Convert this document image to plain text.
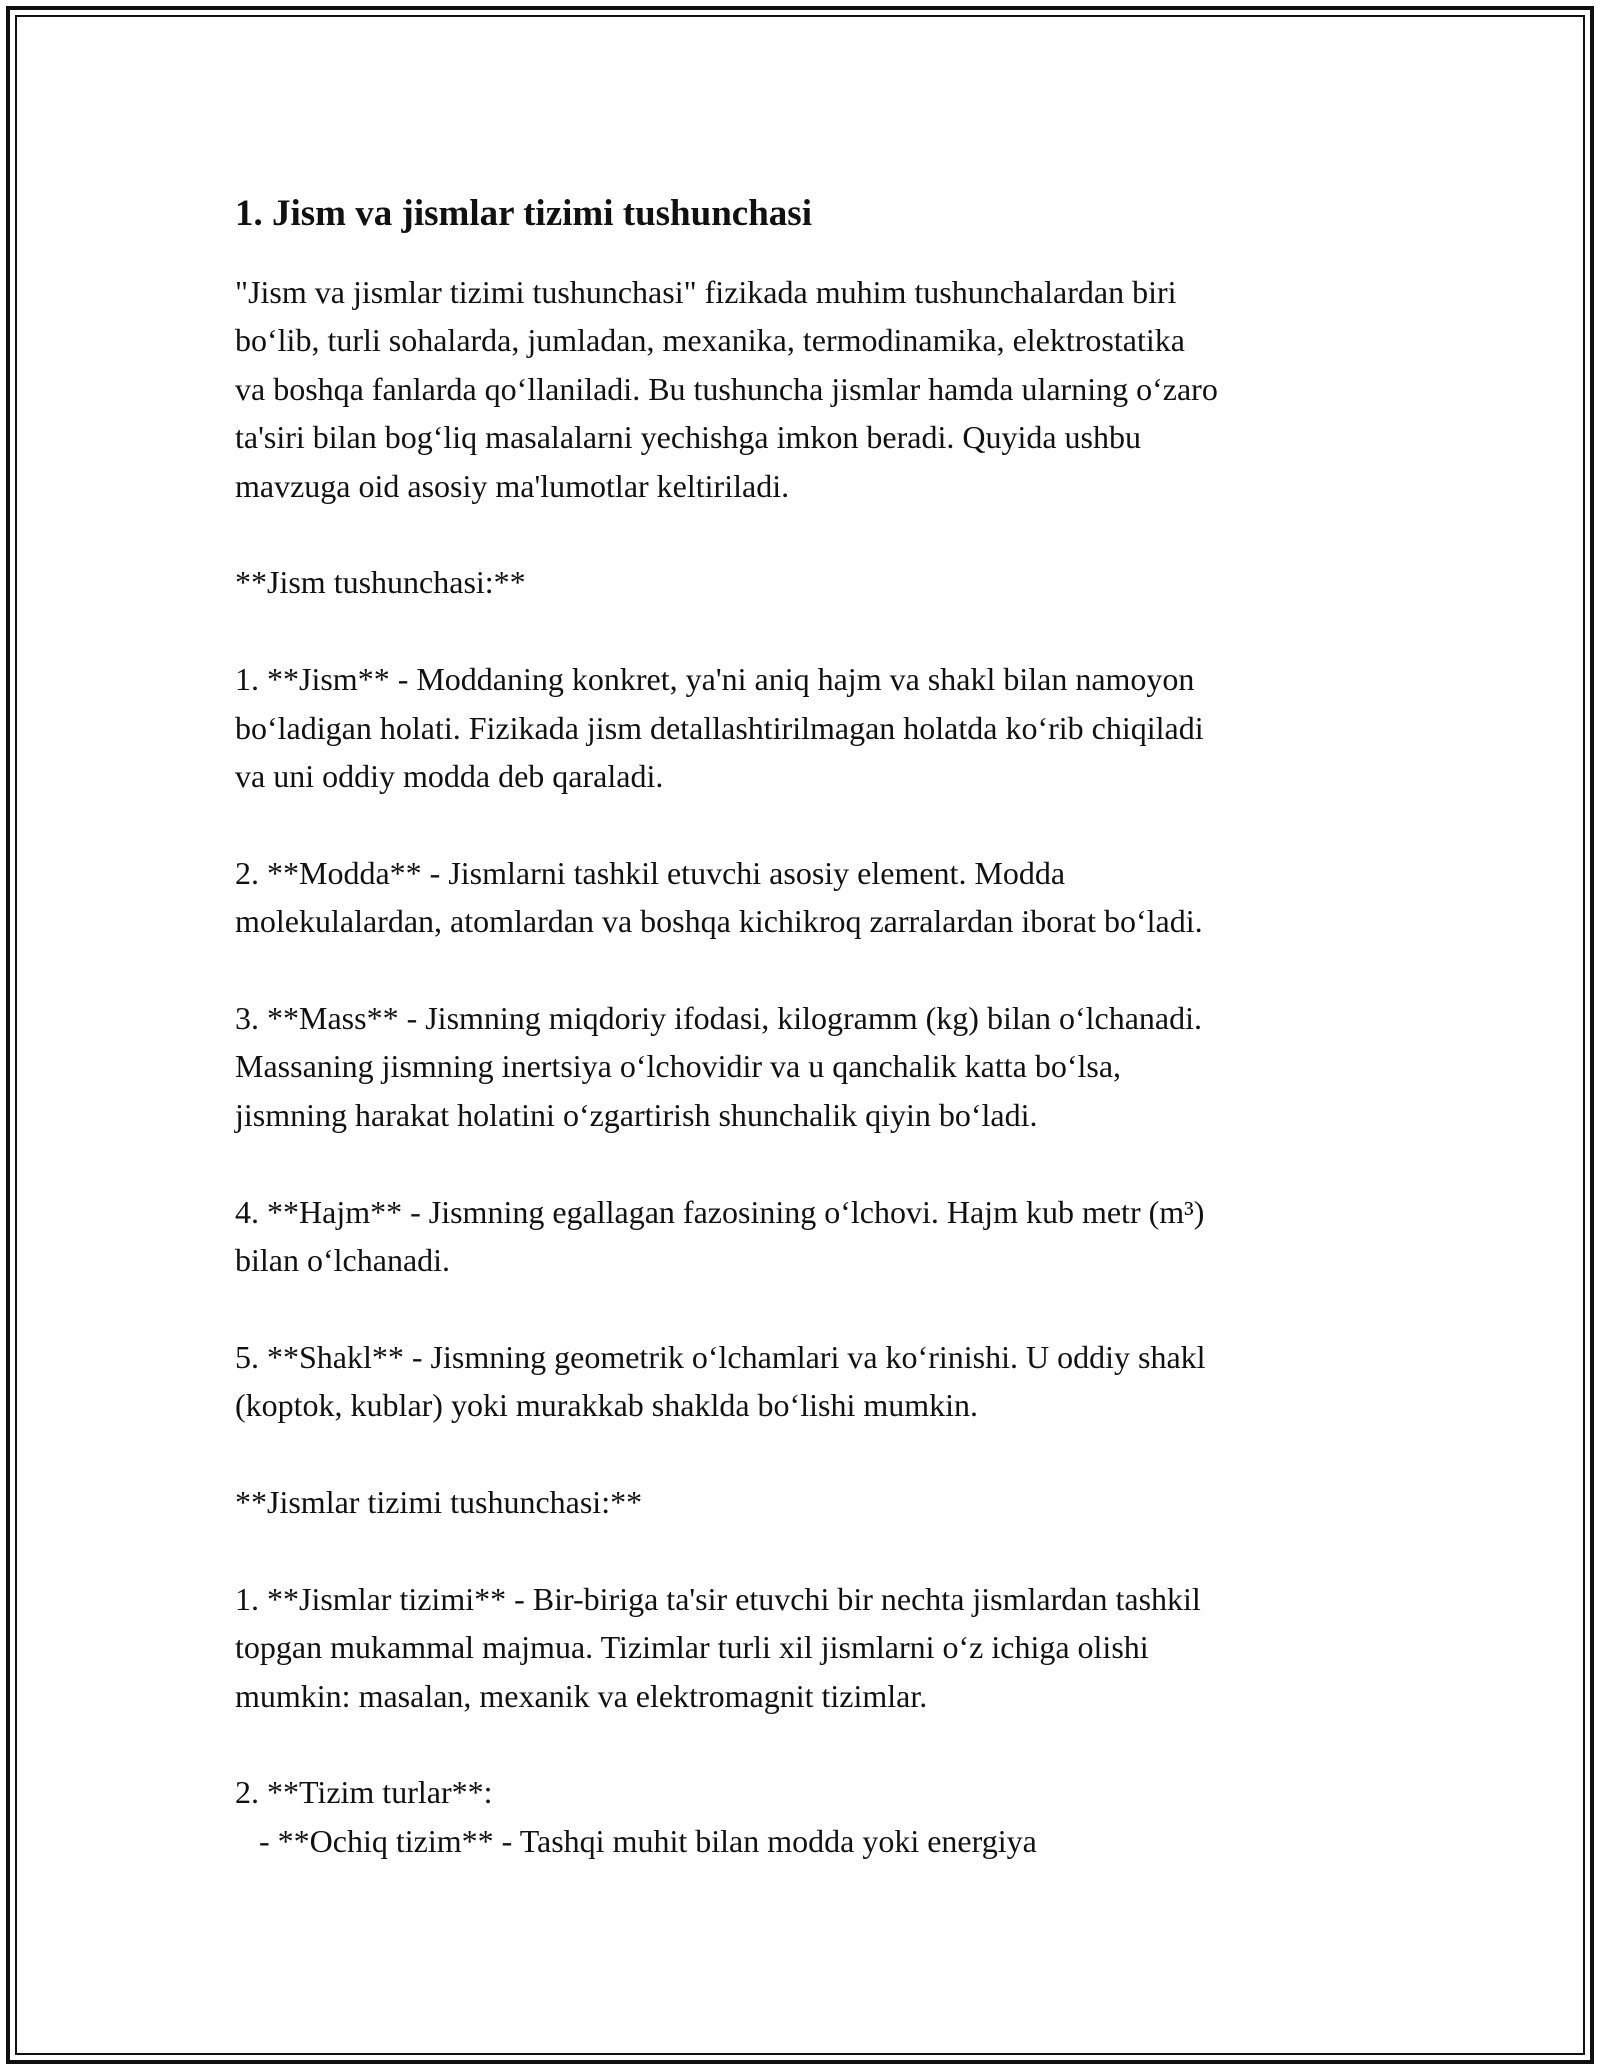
1. Jism va jismlar tizimi tushunchasi

"Jism va jismlar tizimi tushunchasi" fizikada muhim tushunchalardan biri
bo‘lib, turli sohalarda, jumladan, mexanika, termodinamika, elektrostatika
va boshqa fanlarda qo‘llaniladi. Bu tushuncha jismlar hamda ularning o‘zaro
ta'siri bilan bog‘liq masalalarni yechishga imkon beradi. Quyida ushbu
mavzuga oid asosiy ma'lumotlar keltiriladi.

**Jism tushunchasi:**

1. **Jism** - Moddaning konkret, ya'ni aniq hajm va shakl bilan namoyon
bo‘ladigan holati. Fizikada jism detallashtirilmagan holatda ko‘rib chiqiladi
va uni oddiy modda deb qaraladi.

2. **Modda** - Jismlarni tashkil etuvchi asosiy element. Modda
molekulalardan, atomlardan va boshqa kichikroq zarralardan iborat bo‘ladi.

3. **Mass** - Jismning miqdoriy ifodasi, kilogramm (kg) bilan o‘lchanadi.
Massaning jismning inertsiya o‘lchovidir va u qanchalik katta bo‘lsa,
jismning harakat holatini o‘zgartirish shunchalik qiyin bo‘ladi.

4. **Hajm** - Jismning egallagan fazosining o‘lchovi. Hajm kub metr (m³)
bilan o‘lchanadi.

5. **Shakl** - Jismning geometrik o‘lchamlari va ko‘rinishi. U oddiy shakl
(koptok, kublar) yoki murakkab shaklda bo‘lishi mumkin.

**Jismlar tizimi tushunchasi:**

1. **Jismlar tizimi** - Bir-biriga ta'sir etuvchi bir nechta jismlardan tashkil
topgan mukammal majmua. Tizimlar turli xil jismlarni o‘z ichiga olishi
mumkin: masalan, mexanik va elektromagnit tizimlar.

2. **Tizim turlar**:
- **Ochiq tizim** - Tashqi muhit bilan modda yoki energiya
